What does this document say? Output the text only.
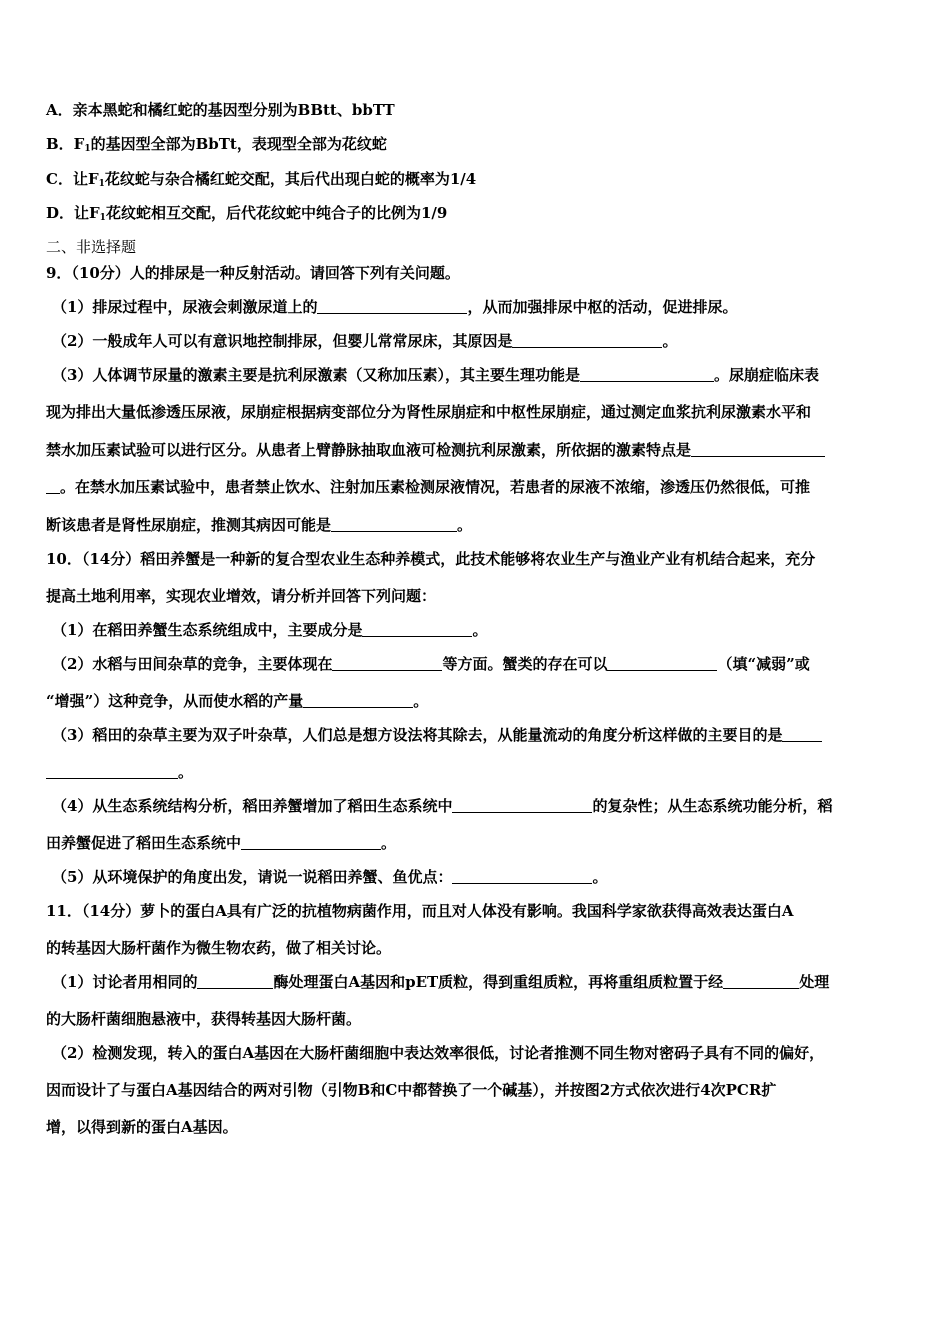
A．亲本黑蛇和橘红蛇的基因型分别为BBtt、bbTT
B．$F_1$的基因型全部为BbTt，表现型全部为花纹蛇
C．让$F_1$花纹蛇与杂合橘红蛇交配，其后代出现白蛇的概率为1/4
D．让$F_1$花纹蛇相互交配，后代花纹蛇中纯合子的比例为1/9
二、非选择题
9．（10分）人的排尿是一种反射活动。请回答下列有关问题。
（1）排尿过程中，尿液会刺激尿道上的	，从而加强排尿中枢的活动，促进排尿。
（2）一般成年人可以有意识地控制排尿，但婴儿常常尿床，其原因是	。
（3）人体调节尿量的激素主要是抗利尿激素（又称加压素），其主要生理功能是	。尿崩症临床表
现为排出大量低渗透压尿液，尿崩症根据病变部位分为肾性尿崩症和中枢性尿崩症，通过测定血浆抗利尿激素水平和
禁水加压素试验可以进行区分。从患者上臂静脉抽取血液可检测抗利尿激素，所依据的激素特点是
。在禁水加压素试验中，患者禁止饮水、注射加压素检测尿液情况，若患者的尿液不浓缩，渗透压仍然很低，可推
断该患者是肾性尿崩症，推测其病因可能是	。
10．（14分）稻田养蟹是一种新的复合型农业生态种养模式，此技术能够将农业生产与渔业产业有机结合起来，充分
提高土地利用率，实现农业增效，请分析并回答下列问题：
（1）在稻田养蟹生态系统组成中，主要成分是	。
（2）水稻与田间杂草的竞争，主要体现在	等方面。蟹类的存在可以	（填“减弱”或
“增强”）这种竞争，从而使水稻的产量	。
（3）稻田的杂草主要为双子叶杂草，人们总是想方设法将其除去，从能量流动的角度分析这样做的主要目的是
。
（4）从生态系统结构分析，稻田养蟹增加了稻田生态系统中	的复杂性；从生态系统功能分析，稻
田养蟹促进了稻田生态系统中	。
（5）从环境保护的角度出发，请说一说稻田养蟹、鱼优点：	。
11．（14分）萝卜的蛋白A具有广泛的抗植物病菌作用，而且对人体没有影响。我国科学家欲获得高效表达蛋白A
的转基因大肠杆菌作为微生物农药，做了相关讨论。
（1）讨论者用相同的	酶处理蛋白A基因和pET质粒，得到重组质粒，再将重组质粒置于经	处理
的大肠杆菌细胞悬液中，获得转基因大肠杆菌。
（2）检测发现，转入的蛋白A基因在大肠杆菌细胞中表达效率很低，讨论者推测不同生物对密码子具有不同的偏好，
因而设计了与蛋白A基因结合的两对引物（引物B和C中都替换了一个碱基），并按图2方式依次进行4次PCR扩
增，以得到新的蛋白A基因。
